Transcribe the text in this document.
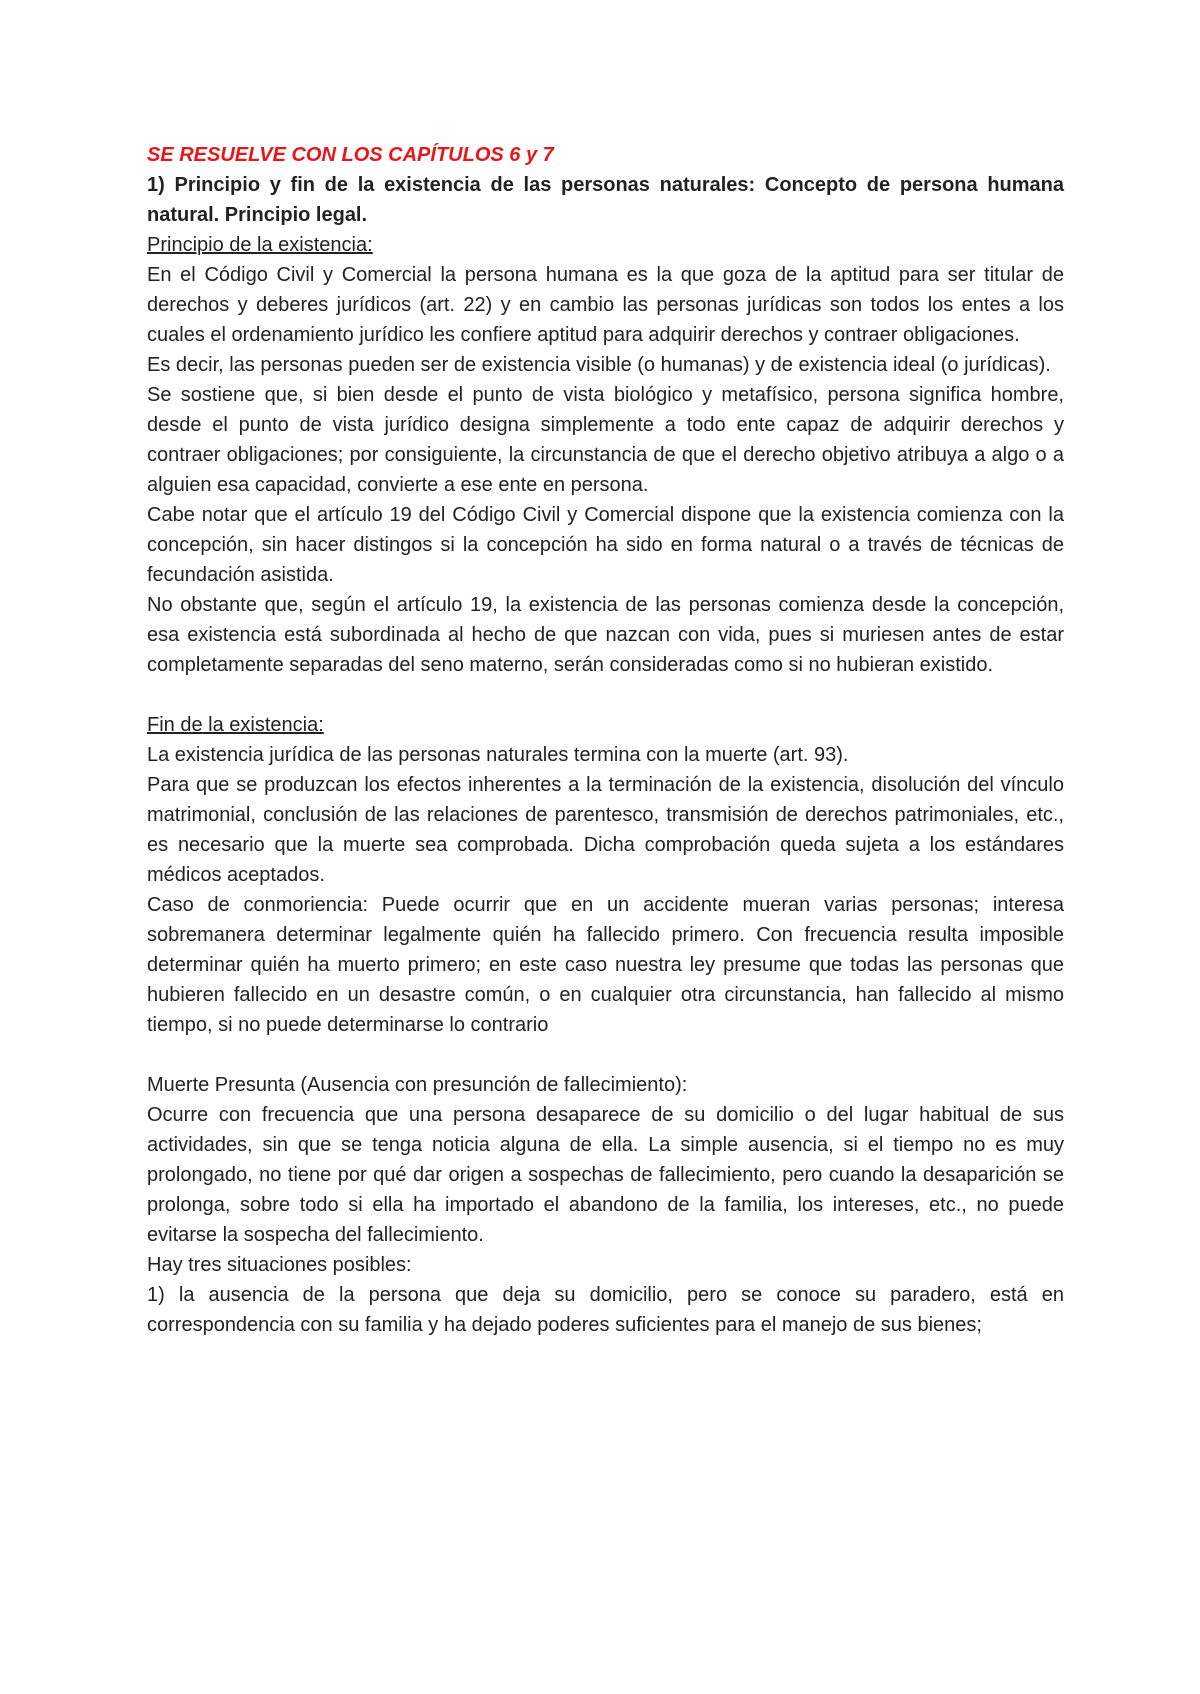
SE RESUELVE CON LOS CAPÍTULOS 6 y 7

1) Principio y fin de la existencia de las personas naturales: Concepto de persona humana natural. Principio legal.

Principio de la existencia:

En el Código Civil y Comercial la persona humana es la que goza de la aptitud para ser titular de derechos y deberes jurídicos (art. 22) y en cambio las personas jurídicas son todos los entes a los cuales el ordenamiento jurídico les confiere aptitud para adquirir derechos y contraer obligaciones.

Es decir, las personas pueden ser de existencia visible (o humanas) y de existencia ideal (o jurídicas).

Se sostiene que, si bien desde el punto de vista biológico y metafísico, persona significa hombre, desde el punto de vista jurídico designa simplemente a todo ente capaz de adquirir derechos y contraer obligaciones; por consiguiente, la circunstancia de que el derecho objetivo atribuya a algo o a alguien esa capacidad, convierte a ese ente en persona.

Cabe notar que el artículo 19 del Código Civil y Comercial dispone que la existencia comienza con la concepción, sin hacer distingos si la concepción ha sido en forma natural o a través de técnicas de fecundación asistida.

No obstante que, según el artículo 19, la existencia de las personas comienza desde la concepción, esa existencia está subordinada al hecho de que nazcan con vida, pues si muriesen antes de estar completamente separadas del seno materno, serán consideradas como si no hubieran existido.

Fin de la existencia:

La existencia jurídica de las personas naturales termina con la muerte (art. 93).

Para que se produzcan los efectos inherentes a la terminación de la existencia, disolución del vínculo matrimonial, conclusión de las relaciones de parentesco, transmisión de derechos patrimoniales, etc., es necesario que la muerte sea comprobada. Dicha comprobación queda sujeta a los estándares médicos aceptados.

Caso de conmoriencia: Puede ocurrir que en un accidente mueran varias personas; interesa sobremanera determinar legalmente quién ha fallecido primero. Con frecuencia resulta imposible determinar quién ha muerto primero; en este caso nuestra ley presume que todas las personas que hubieren fallecido en un desastre común, o en cualquier otra circunstancia, han fallecido al mismo tiempo, si no puede determinarse lo contrario

Muerte Presunta (Ausencia con presunción de fallecimiento):

Ocurre con frecuencia que una persona desaparece de su domicilio o del lugar habitual de sus actividades, sin que se tenga noticia alguna de ella. La simple ausencia, si el tiempo no es muy prolongado, no tiene por qué dar origen a sospechas de fallecimiento, pero cuando la desaparición se prolonga, sobre todo si ella ha importado el abandono de la familia, los intereses, etc., no puede evitarse la sospecha del fallecimiento.

Hay tres situaciones posibles:

1) la ausencia de la persona que deja su domicilio, pero se conoce su paradero, está en correspondencia con su familia y ha dejado poderes suficientes para el manejo de sus bienes;
